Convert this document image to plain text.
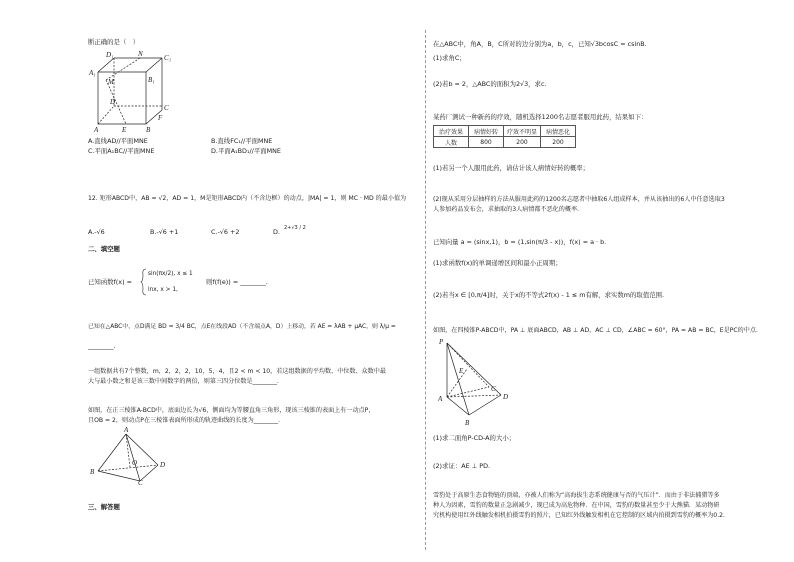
断正确的是（　）
D₁	N	C₁
A₁
M	B₁
D
C
A	E	B
F
A.直线AD//平面MNE	B.直线FC₁//平面MNE
C.平面A₁BC//平面MNE	D.平面A₁BD₁//平面MNE
12. 矩形ABCD中，AB = √2，AD = 1，M是矩形ABCD内（不含边框）的动点，|MA| = 1，则 MC · MD 的最小值为
A.-√6	B.-√6 +1	C.-√6 +2	D. 2+√3 / 2
二、填空题
已知函数f(x) =
sin(πx/2), x ≤ 1
lnx, x > 1,
则f(f(e)) = ________.
已知在△ABC中，点D满足 BD = 3/4 BC，点E在线段AD（不含端点A，D）上移动，若 AE = λAB + μAC，则 λ/μ =
________.
一组数据共有7个整数，m，2，2，2，10，5，4，且2 < m < 10，若这组数据的平均数、中位数、众数中最
大与最小数之和是该三数中间数字的两倍，则第三四分位数是________.
如图，在正三棱锥A-BCD中，底面边长为√6，侧面均为等腰直角三角形，现该三棱锥的表面上有一动点P，
且OB = 2，则动点P在三棱锥表面所形成的轨迹曲线的长度为________.
A
O	D
B
C
三、解答题
在△ABC中，角A，B，C所对的边分别为a，b，c，已知√3bcosC = csinB.
(1)求角C；
(2)若b = 2，△ABC的面积为2√3，求c.
某药厂测试一种新药的疗效，随机选择1200名志愿者服用此药，结果如下：
治疗效果	病情好转	疗效不明显	病情恶化
人数	800	200	200
(1)若另一个人服用此药，请估计该人病情好转的概率；
(2)现从采用分层抽样的方法从服用此药的1200名志愿者中抽取6人组成样本，并从该抽出的6人中任意选取3
人参加药品发布会，求抽取的3人病情都不恶化的概率.
已知向量 a = (sinx,1)，b = (1,sin(π/3 - x))，f(x) = a · b.
(1)求函数f(x)的单调递增区间和最小正周期；
(2)若当x ∈ [0,π/4]时，关于x的不等式2f(x) - 1 ≤ m有解，求实数m的取值范围.
如图，在四棱锥P-ABCD中，PA ⊥ 底面ABCD，AB ⊥ AD，AC ⊥ CD，∠ABC = 60°，PA = AB = BC，E是PC的中点.
P
E
A
B
C
D
(1)求二面角P-CD-A的大小；
(2)求证：AE ⊥ PD.
雪豹处于高原生态食物链的顶端，亦被人们称为“高海拔生态系统健康与否的气压计”．而由于非法捕猎等多
种人为因素，雪豹的数量正急剧减少，现已成为高危物种．在中国，雪豹的数量甚至少于大熊猫．某动物研
究机构使用红外线触发相机拍摄雪豹的照片，已知红外线触发相机在它控制的区域内拍摄到雪豹的概率为0.2.
